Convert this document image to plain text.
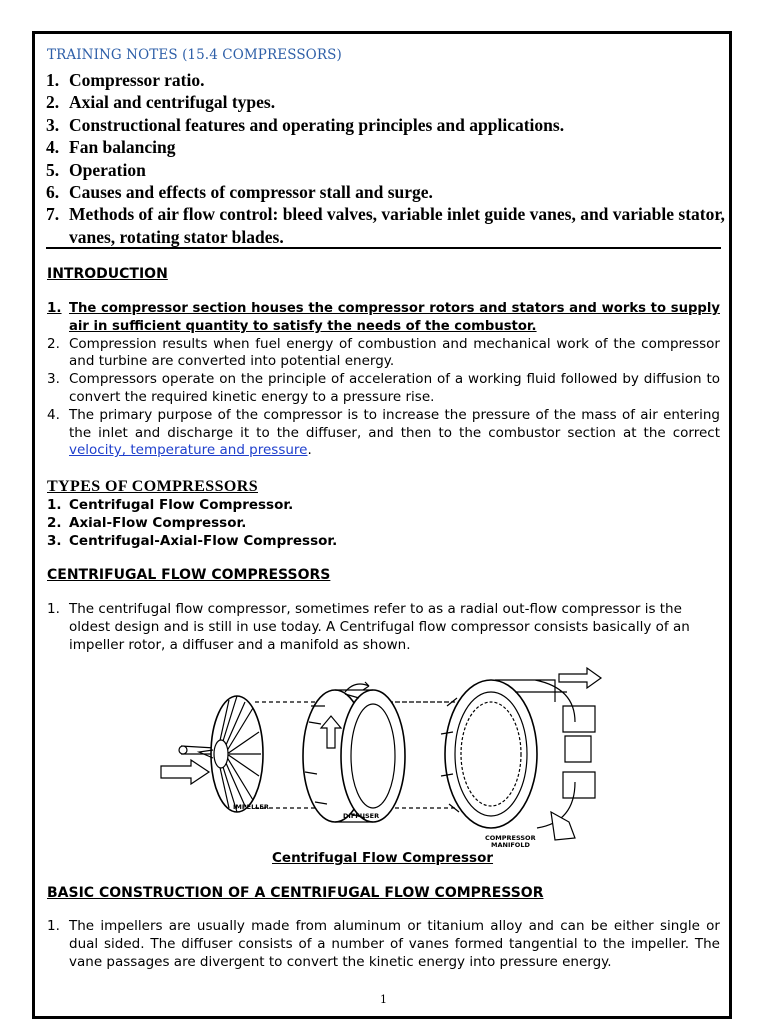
TRAINING NOTES (15.4 COMPRESSORS)
1. Compressor ratio.
2. Axial and centrifugal types.
3. Constructional features and operating principles and applications.
4. Fan balancing
5. Operation
6. Causes and effects of compressor stall and surge.
7. Methods of air flow control: bleed valves, variable inlet guide vanes, and variable stator, vanes, rotating stator blades.
INTRODUCTION
1. The compressor section houses the compressor rotors and stators and works to supply air in sufficient quantity to satisfy the needs of the combustor.
2. Compression results when fuel energy of combustion and mechanical work of the compressor and turbine are converted into potential energy.
3. Compressors operate on the principle of acceleration of a working fluid followed by diffusion to convert the required kinetic energy to a pressure rise.
4. The primary purpose of the compressor is to increase the pressure of the mass of air entering the inlet and discharge it to the diffuser, and then to the combustor section at the correct velocity, temperature and pressure.
TYPES OF COMPRESSORS
1. Centrifugal Flow Compressor.
2. Axial-Flow Compressor.
3. Centrifugal-Axial-Flow Compressor.
CENTRIFUGAL FLOW COMPRESSORS
1. The centrifugal flow compressor, sometimes refer to as a radial out-flow compressor is the oldest design and is still in use today. A Centrifugal flow compressor consists basically of an impeller rotor, a diffuser and a manifold as shown.
IMPELLER
DIFFUSER
COMPRESSOR
MANIFOLD
Centrifugal Flow Compressor
BASIC CONSTRUCTION OF A CENTRIFUGAL FLOW COMPRESSOR
1. The impellers are usually made from aluminum or titanium alloy and can be either single or dual sided. The diffuser consists of a number of vanes formed tangential to the impeller. The vane passages are divergent to convert the kinetic energy into pressure energy.
1
